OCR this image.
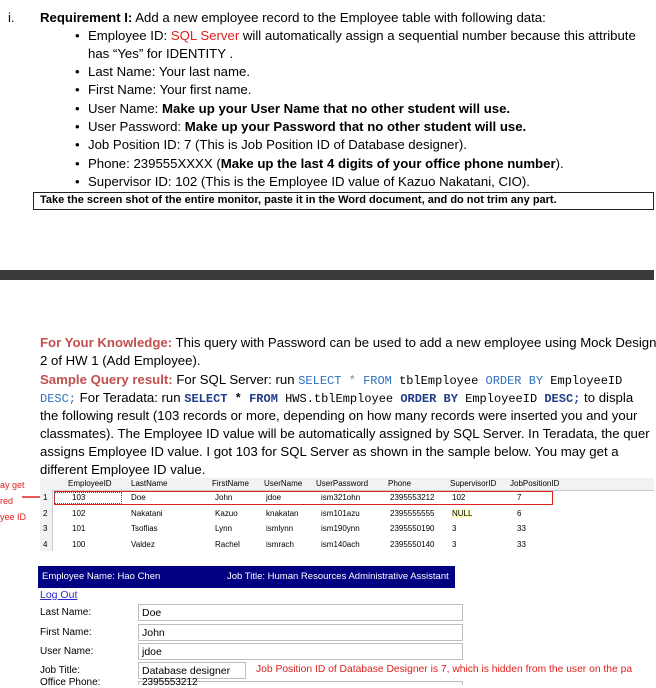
i. Requirement I: Add a new employee record to the Employee table with following data:
• Employee ID: SQL Server will automatically assign a sequential number because this attribute
has “Yes” for IDENTITY .
• Last Name: Your last name.
• First Name: Your first name.
• User Name: Make up your User Name that no other student will use.
• User Password: Make up your Password that no other student will use.
• Job Position ID: 7 (This is Job Position ID of Database designer).
• Phone: 239555XXXX (Make up the last 4 digits of your office phone number).
• Supervisor ID: 102 (This is the Employee ID value of Kazuo Nakatani, CIO).
Take the screen shot of the entire monitor, paste it in the Word document, and do not trim any part.
For Your Knowledge: This query with Password can be used to add a new employee using Mock Design
2 of HW 1 (Add Employee).
Sample Query result: For SQL Server: run SELECT * FROM tblEmployee ORDER BY EmployeeID
DESC; For Teradata: run SELECT * FROM HWS.tblEmployee ORDER BY EmployeeID DESC; to displa
the following result (103 records or more, depending on how many records were inserted you and your
classmates). The Employee ID value will be automatically assigned by SQL Server. In Teradata, the quer
assigns Employee ID value. I got 103 for SQL Server as shown in the sample below. You may get a
different Employee ID value.
ay get
red
yee ID
EmployeeID LastName	FirstName UserName UserPassword Phone	SupervisorID JobPositionID
1	103	Doe	John	jdoe	ism321ohn	2395553212 102	7
2	102	Nakatani	Kazuo	knakatan	ism101azu	2395555555 NULL	6
3	101	Tsoflias	Lynn	ismlynn	ism190ynn	2395550190 3	33
4	100	Valdez	Rachel	ismrach	ism140ach	2395550140 3	33
Employee Name: Hao Chen	Job Title: Human Resources Administrative Assistant
Log Out
Last Name:	Doe
First Name:	John
User Name:	jdoe
Job Title:	Database designer	Job Position ID of Database Designer is 7, which is hidden from the user on the pa
Office Phone:	2395553212
